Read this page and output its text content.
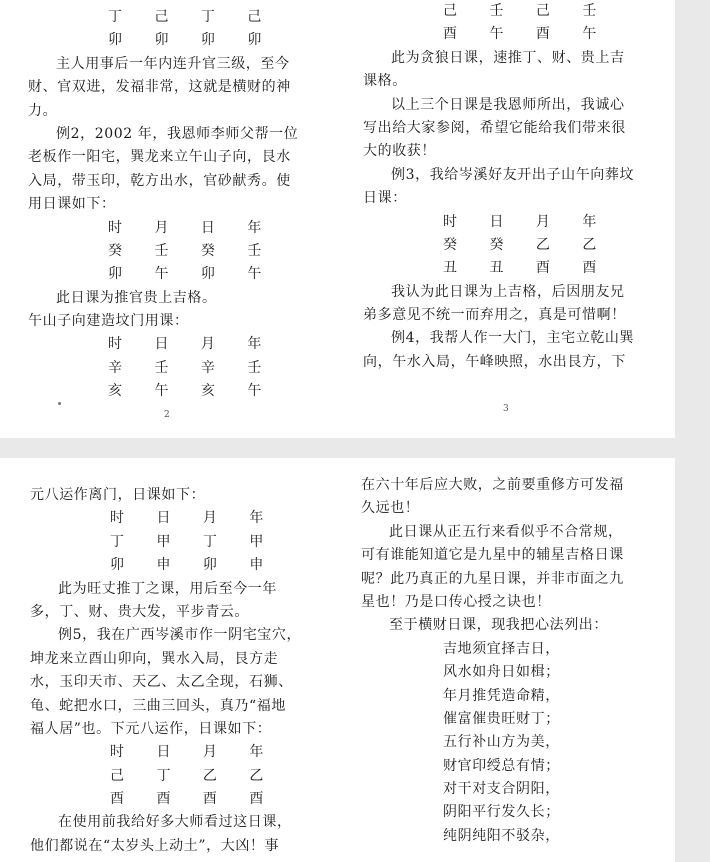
丁 己 丁 己
卯 卯 卯 卯
主人用事后一年内连升官三级，至今
财、官双进，发福非常，这就是横财的神
力。
例2，2002 年，我恩师李师父帮一位
老板作一阳宅，巽龙来立午山子向，艮水
入局，带玉印，乾方出水，官砂献秀。使
用日课如下：
时 月 日 年
癸 壬 癸 壬
卯 午 卯 午
此日课为推官贵上吉格。
午山子向建造坟门用课：
时 日 月 年
辛 壬 辛 壬
亥 午 亥 午
2
己 壬 己 壬
酉 午 酉 午
此为贪狼日课，速推丁、财、贵上吉
课格。
以上三个日课是我恩师所出，我诚心
写出给大家参阅，希望它能给我们带来很
大的收获！
例3，我给岑溪好友开出子山午向葬坟
日课：
时 日 月 年
癸 癸 乙 乙
丑 丑 酉 酉
我认为此日课为上吉格，后因朋友兄
弟多意见不统一而弃用之，真是可惜啊！
例4，我帮人作一大门，主宅立乾山巽
向，午水入局，午峰映照，水出艮方，下
3
元八运作离门，日课如下：
时 日 月 年
丁 甲 丁 甲
卯 申 卯 申
此为旺丈推丁之课，用后至今一年
多，丁、财、贵大发，平步青云。
例5，我在广西岑溪市作一阴宅宝穴，
坤龙来立酉山卯向，巽水入局，艮方走
水，玉印天市、天乙、太乙全现，石狮、
龟、蛇把水口，三曲三回头，真乃“福地
福人居”也。下元八运作，日课如下：
时 日 月 年
己 丁 乙 乙
酉 酉 酉 酉
在使用前我给好多大师看过这日课，
他们都说在“太岁头上动土”，大凶！事
在六十年后应大败，之前要重修方可发福
久远也！
此日课从正五行来看似乎不合常规，
可有谁能知道它是九星中的辅星吉格日课
呢？此乃真正的九星日课，并非市面之九
星也！乃是口传心授之诀也！
至于横财日课，现我把心法列出：
吉地须宜择吉日，
风水如舟日如楫；
年月推凭造命精，
催富催贵旺财丁；
五行补山方为美，
财官印绶总有情；
对干对支合阴阳，
阴阳平行发久长；
纯阴纯阳不驳杂，
